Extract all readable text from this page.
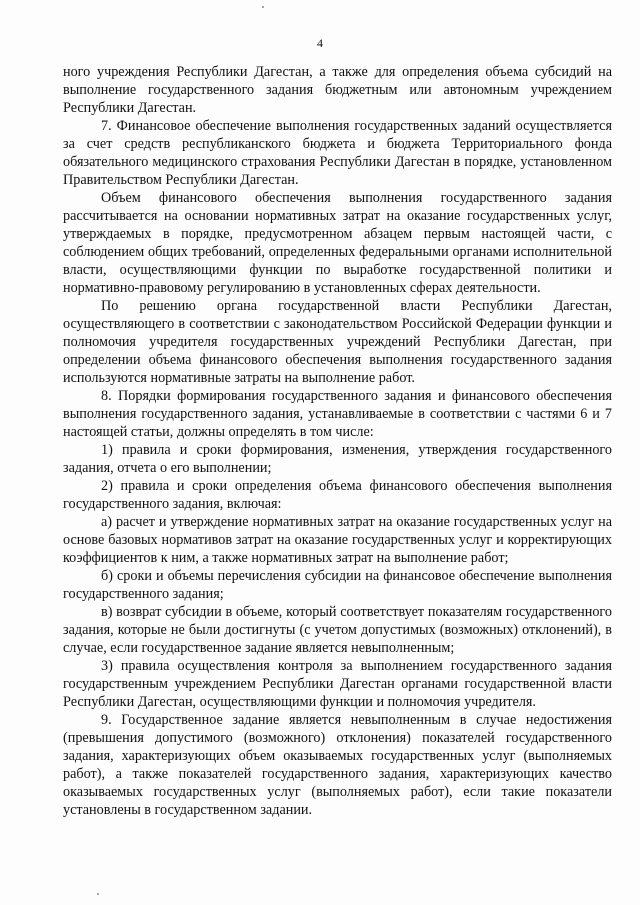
4

ного учреждения Республики Дагестан, а также для определения объема субсидий на выполнение государственного задания бюджетным или автономным учреждением Республики Дагестан.

7. Финансовое обеспечение выполнения государственных заданий осуществляется за счет средств республиканского бюджета и бюджета Территориального фонда обязательного медицинского страхования Республики Дагестан в порядке, установленном Правительством Республики Дагестан.

Объем финансового обеспечения выполнения государственного задания рассчитывается на основании нормативных затрат на оказание государственных услуг, утверждаемых в порядке, предусмотренном абзацем первым настоящей части, с соблюдением общих требований, определенных федеральными органами исполнительной власти, осуществляющими функции по выработке государственной политики и нормативно-правовому регулированию в установленных сферах деятельности.

По решению органа государственной власти Республики Дагестан, осуществляющего в соответствии с законодательством Российской Федерации функции и полномочия учредителя государственных учреждений Республики Дагестан, при определении объема финансового обеспечения выполнения государственного задания используются нормативные затраты на выполнение работ.

8. Порядки формирования государственного задания и финансового обеспечения выполнения государственного задания, устанавливаемые в соответствии с частями 6 и 7 настоящей статьи, должны определять в том числе:

1) правила и сроки формирования, изменения, утверждения государственного задания, отчета о его выполнении;

2) правила и сроки определения объема финансового обеспечения выполнения государственного задания, включая:

а) расчет и утверждение нормативных затрат на оказание государственных услуг на основе базовых нормативов затрат на оказание государственных услуг и корректирующих коэффициентов к ним, а также нормативных затрат на выполнение работ;

б) сроки и объемы перечисления субсидии на финансовое обеспечение выполнения государственного задания;

в) возврат субсидии в объеме, который соответствует показателям государственного задания, которые не были достигнуты (с учетом допустимых (возможных) отклонений), в случае, если государственное задание является невыполненным;

3) правила осуществления контроля за выполнением государственного задания государственным учреждением Республики Дагестан органами государственной власти Республики Дагестан, осуществляющими функции и полномочия учредителя.

9. Государственное задание является невыполненным в случае недостижения (превышения допустимого (возможного) отклонения) показателей государственного задания, характеризующих объем оказываемых государственных услуг (выполняемых работ), а также показателей государственного задания, характеризующих качество оказываемых государственных услуг (выполняемых работ), если такие показатели установлены в государственном задании.
